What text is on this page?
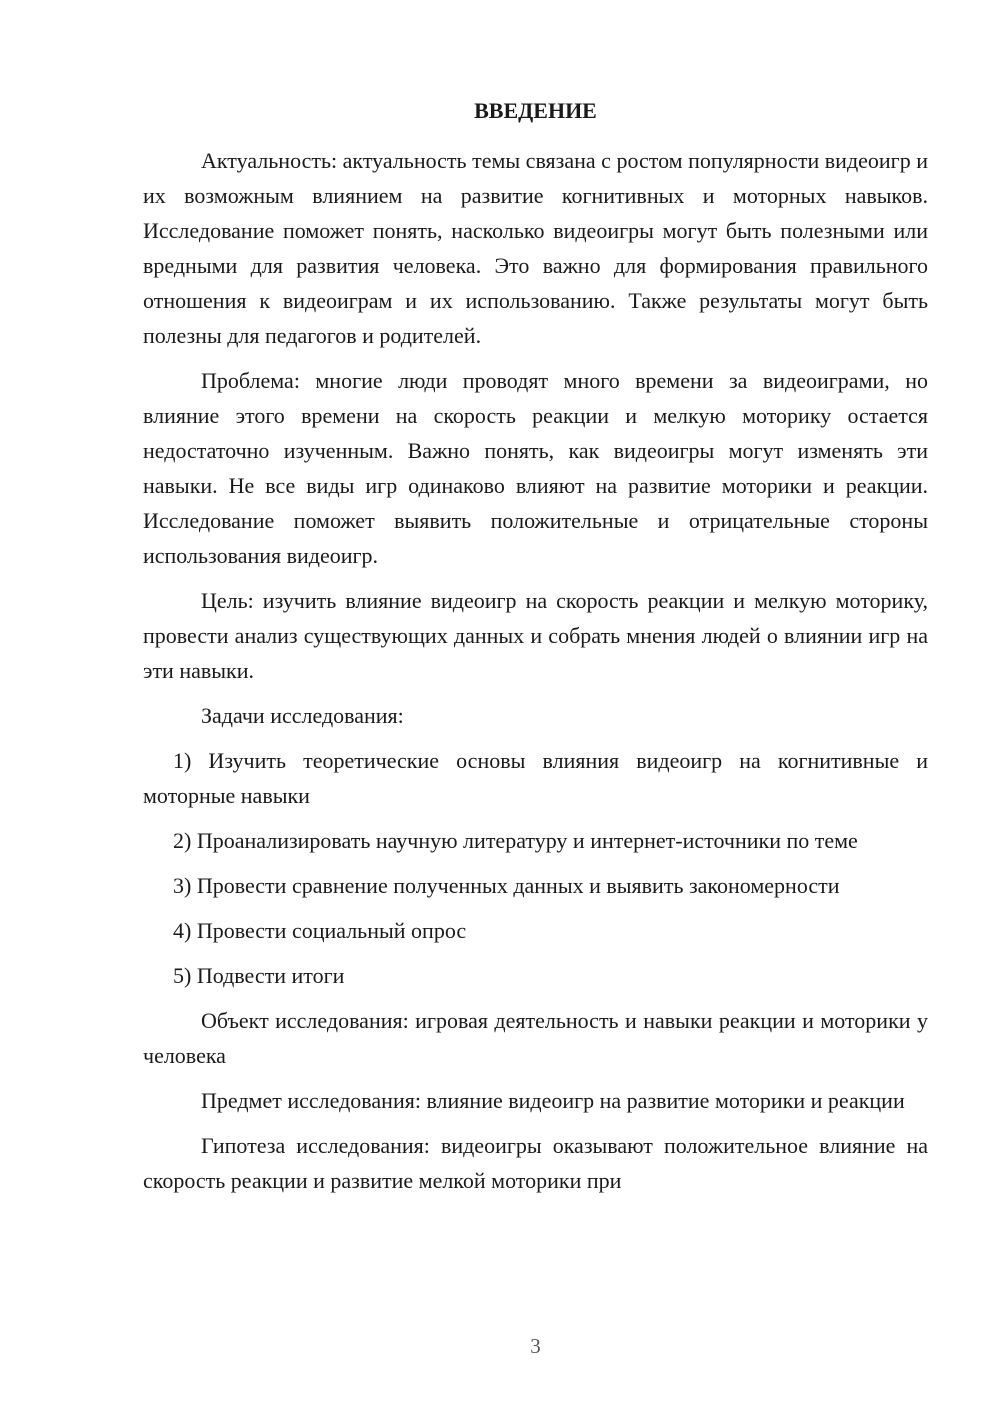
ВВЕДЕНИЕ

Актуальность: актуальность темы связана с ростом популярности видеоигр и их возможным влиянием на развитие когнитивных и моторных навыков. Исследование поможет понять, насколько видеоигры могут быть полезными или вредными для развития человека. Это важно для формирования правильного отношения к видеоиграм и их использованию. Также результаты могут быть полезны для педагогов и родителей.

Проблема: многие люди проводят много времени за видеоиграми, но влияние этого времени на скорость реакции и мелкую моторику остается недостаточно изученным. Важно понять, как видеоигры могут изменять эти навыки. Не все виды игр одинаково влияют на развитие моторики и реакции. Исследование поможет выявить положительные и отрицательные стороны использования видеоигр.

Цель: изучить влияние видеоигр на скорость реакции и мелкую моторику, провести анализ существующих данных и собрать мнения людей о влиянии игр на эти навыки.

Задачи исследования:

1) Изучить теоретические основы влияния видеоигр на когнитивные и моторные навыки

2) Проанализировать научную литературу и интернет-источники по теме

3) Провести сравнение полученных данных и выявить закономерности

4) Провести социальный опрос

5) Подвести итоги

Объект исследования: игровая деятельность и навыки реакции и моторики у человека

Предмет исследования: влияние видеоигр на развитие моторики и реакции

Гипотеза исследования: видеоигры оказывают положительное влияние на скорость реакции и развитие мелкой моторики при

3
